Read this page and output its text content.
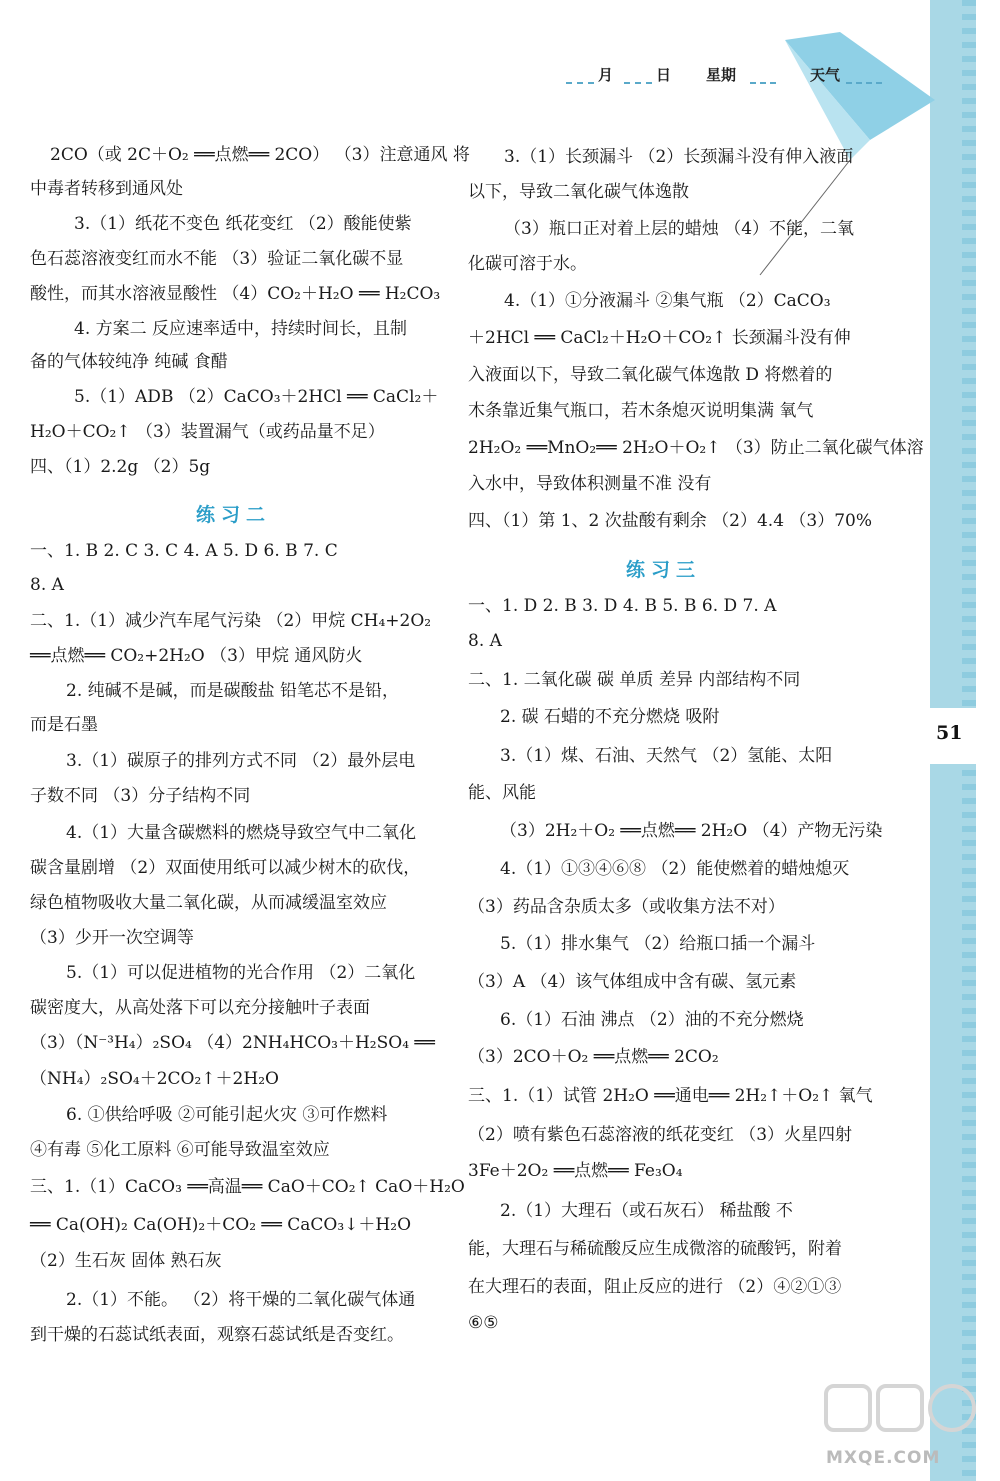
51
月	日 星期	天气
2CO（或 2C＋O₂ ══点燃══ 2CO） （3）注意通风 将
中毒者转移到通风处
3.（1）纸花不变色 纸花变红 （2）酸能使紫
色石蕊溶液变红而水不能 （3）验证二氧化碳不显
酸性，而其水溶液显酸性 （4）CO₂＋H₂O ══ H₂CO₃
4. 方案二 反应速率适中，持续时间长，且制
备的气体较纯净 纯碱 食醋
5.（1）ADB （2）CaCO₃＋2HCl ══ CaCl₂＋
H₂O＋CO₂↑ （3）装置漏气（或药品量不足）
四、（1）2.2g （2）5g
练习二
一、1. B 2. C 3. C 4. A 5. D 6. B 7. C
8. A
二、1.（1）减少汽车尾气污染 （2）甲烷 CH₄+2O₂
══点燃══ CO₂+2H₂O （3）甲烷 通风防火
2. 纯碱不是碱，而是碳酸盐 铅笔芯不是铅，
而是石墨
3.（1）碳原子的排列方式不同 （2）最外层电
子数不同 （3）分子结构不同
4.（1）大量含碳燃料的燃烧导致空气中二氧化
碳含量剧增 （2）双面使用纸可以减少树木的砍伐，
绿色植物吸收大量二氧化碳，从而减缓温室效应
（3）少开一次空调等
5.（1）可以促进植物的光合作用 （2）二氧化
碳密度大，从高处落下可以充分接触叶子表面
（3）（N⁻³H₄）₂SO₄ （4）2NH₄HCO₃＋H₂SO₄ ══
（NH₄）₂SO₄＋2CO₂↑＋2H₂O
6. ①供给呼吸 ②可能引起火灾 ③可作燃料
④有毒 ⑤化工原料 ⑥可能导致温室效应
三、1.（1）CaCO₃ ══高温══ CaO＋CO₂↑ CaO＋H₂O
══ Ca(OH)₂ Ca(OH)₂＋CO₂ ══ CaCO₃↓＋H₂O
（2）生石灰 固体 熟石灰
2.（1）不能。 （2）将干燥的二氧化碳气体通
到干燥的石蕊试纸表面，观察石蕊试纸是否变红。
3.（1）长颈漏斗 （2）长颈漏斗没有伸入液面
以下，导致二氧化碳气体逸散
（3）瓶口正对着上层的蜡烛 （4）不能，二氧
化碳可溶于水。
4.（1）①分液漏斗 ②集气瓶 （2）CaCO₃
＋2HCl ══ CaCl₂＋H₂O＋CO₂↑ 长颈漏斗没有伸
入液面以下，导致二氧化碳气体逸散 D 将燃着的
木条靠近集气瓶口，若木条熄灭说明集满 氧气
2H₂O₂ ══MnO₂══ 2H₂O＋O₂↑ （3）防止二氧化碳气体溶
入水中，导致体积测量不准 没有
四、（1）第 1、2 次盐酸有剩余 （2）4.4 （3）70%
练习三
一、1. D 2. B 3. D 4. B 5. B 6. D 7. A
8. A
二、1. 二氧化碳 碳 单质 差异 内部结构不同
2. 碳 石蜡的不充分燃烧 吸附
3.（1）煤、石油、天然气 （2）氢能、太阳
能、风能
（3）2H₂＋O₂ ══点燃══ 2H₂O （4）产物无污染
4.（1）①③④⑥⑧ （2）能使燃着的蜡烛熄灭
（3）药品含杂质太多（或收集方法不对）
5.（1）排水集气 （2）给瓶口插一个漏斗
（3）A （4）该气体组成中含有碳、氢元素
6.（1）石油 沸点 （2）油的不充分燃烧
（3）2CO＋O₂ ══点燃══ 2CO₂
三、1.（1）试管 2H₂O ══通电══ 2H₂↑＋O₂↑ 氧气
（2）喷有紫色石蕊溶液的纸花变红 （3）火星四射
3Fe＋2O₂ ══点燃══ Fe₃O₄
2.（1）大理石（或石灰石） 稀盐酸 不
能，大理石与稀硫酸反应生成微溶的硫酸钙，附着
在大理石的表面，阻止反应的进行 （2）④②①③
⑥⑤
MXQE.COM
